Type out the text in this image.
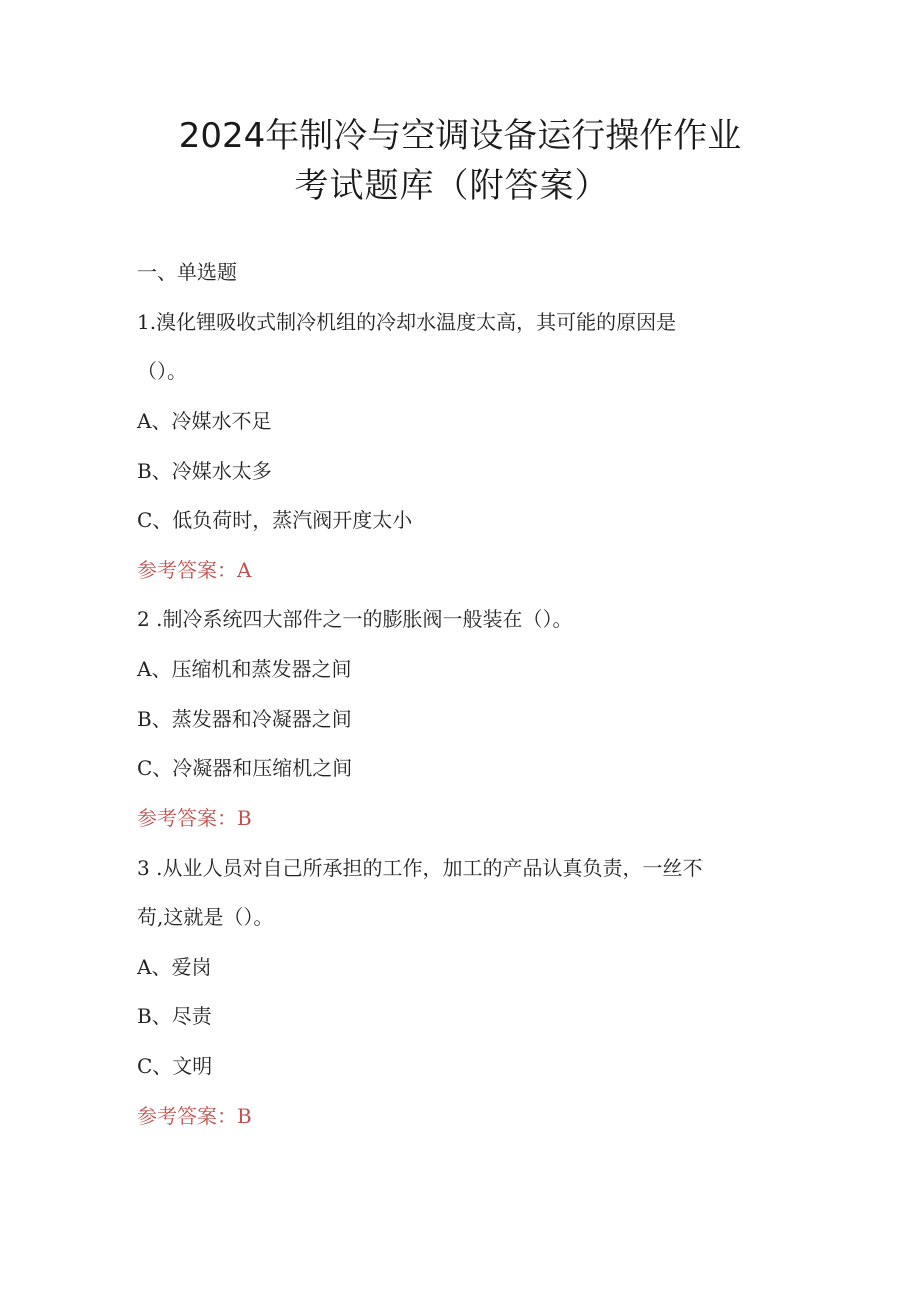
2024年制冷与空调设备运行操作作业
考试题库（附答案）
一、单选题
1.溴化锂吸收式制冷机组的冷却水温度太高，其可能的原因是
（）。
A、冷媒水不足
B、冷媒水太多
C、低负荷时，蒸汽阀开度太小
参考答案：A
2 .制冷系统四大部件之一的膨胀阀一般装在（）。
A、压缩机和蒸发器之间
B、蒸发器和冷凝器之间
C、冷凝器和压缩机之间
参考答案：B
3 .从业人员对自己所承担的工作，加工的产品认真负责，一丝不
苟,这就是（）。
A、爱岗
B、尽责
C、文明
参考答案：B
